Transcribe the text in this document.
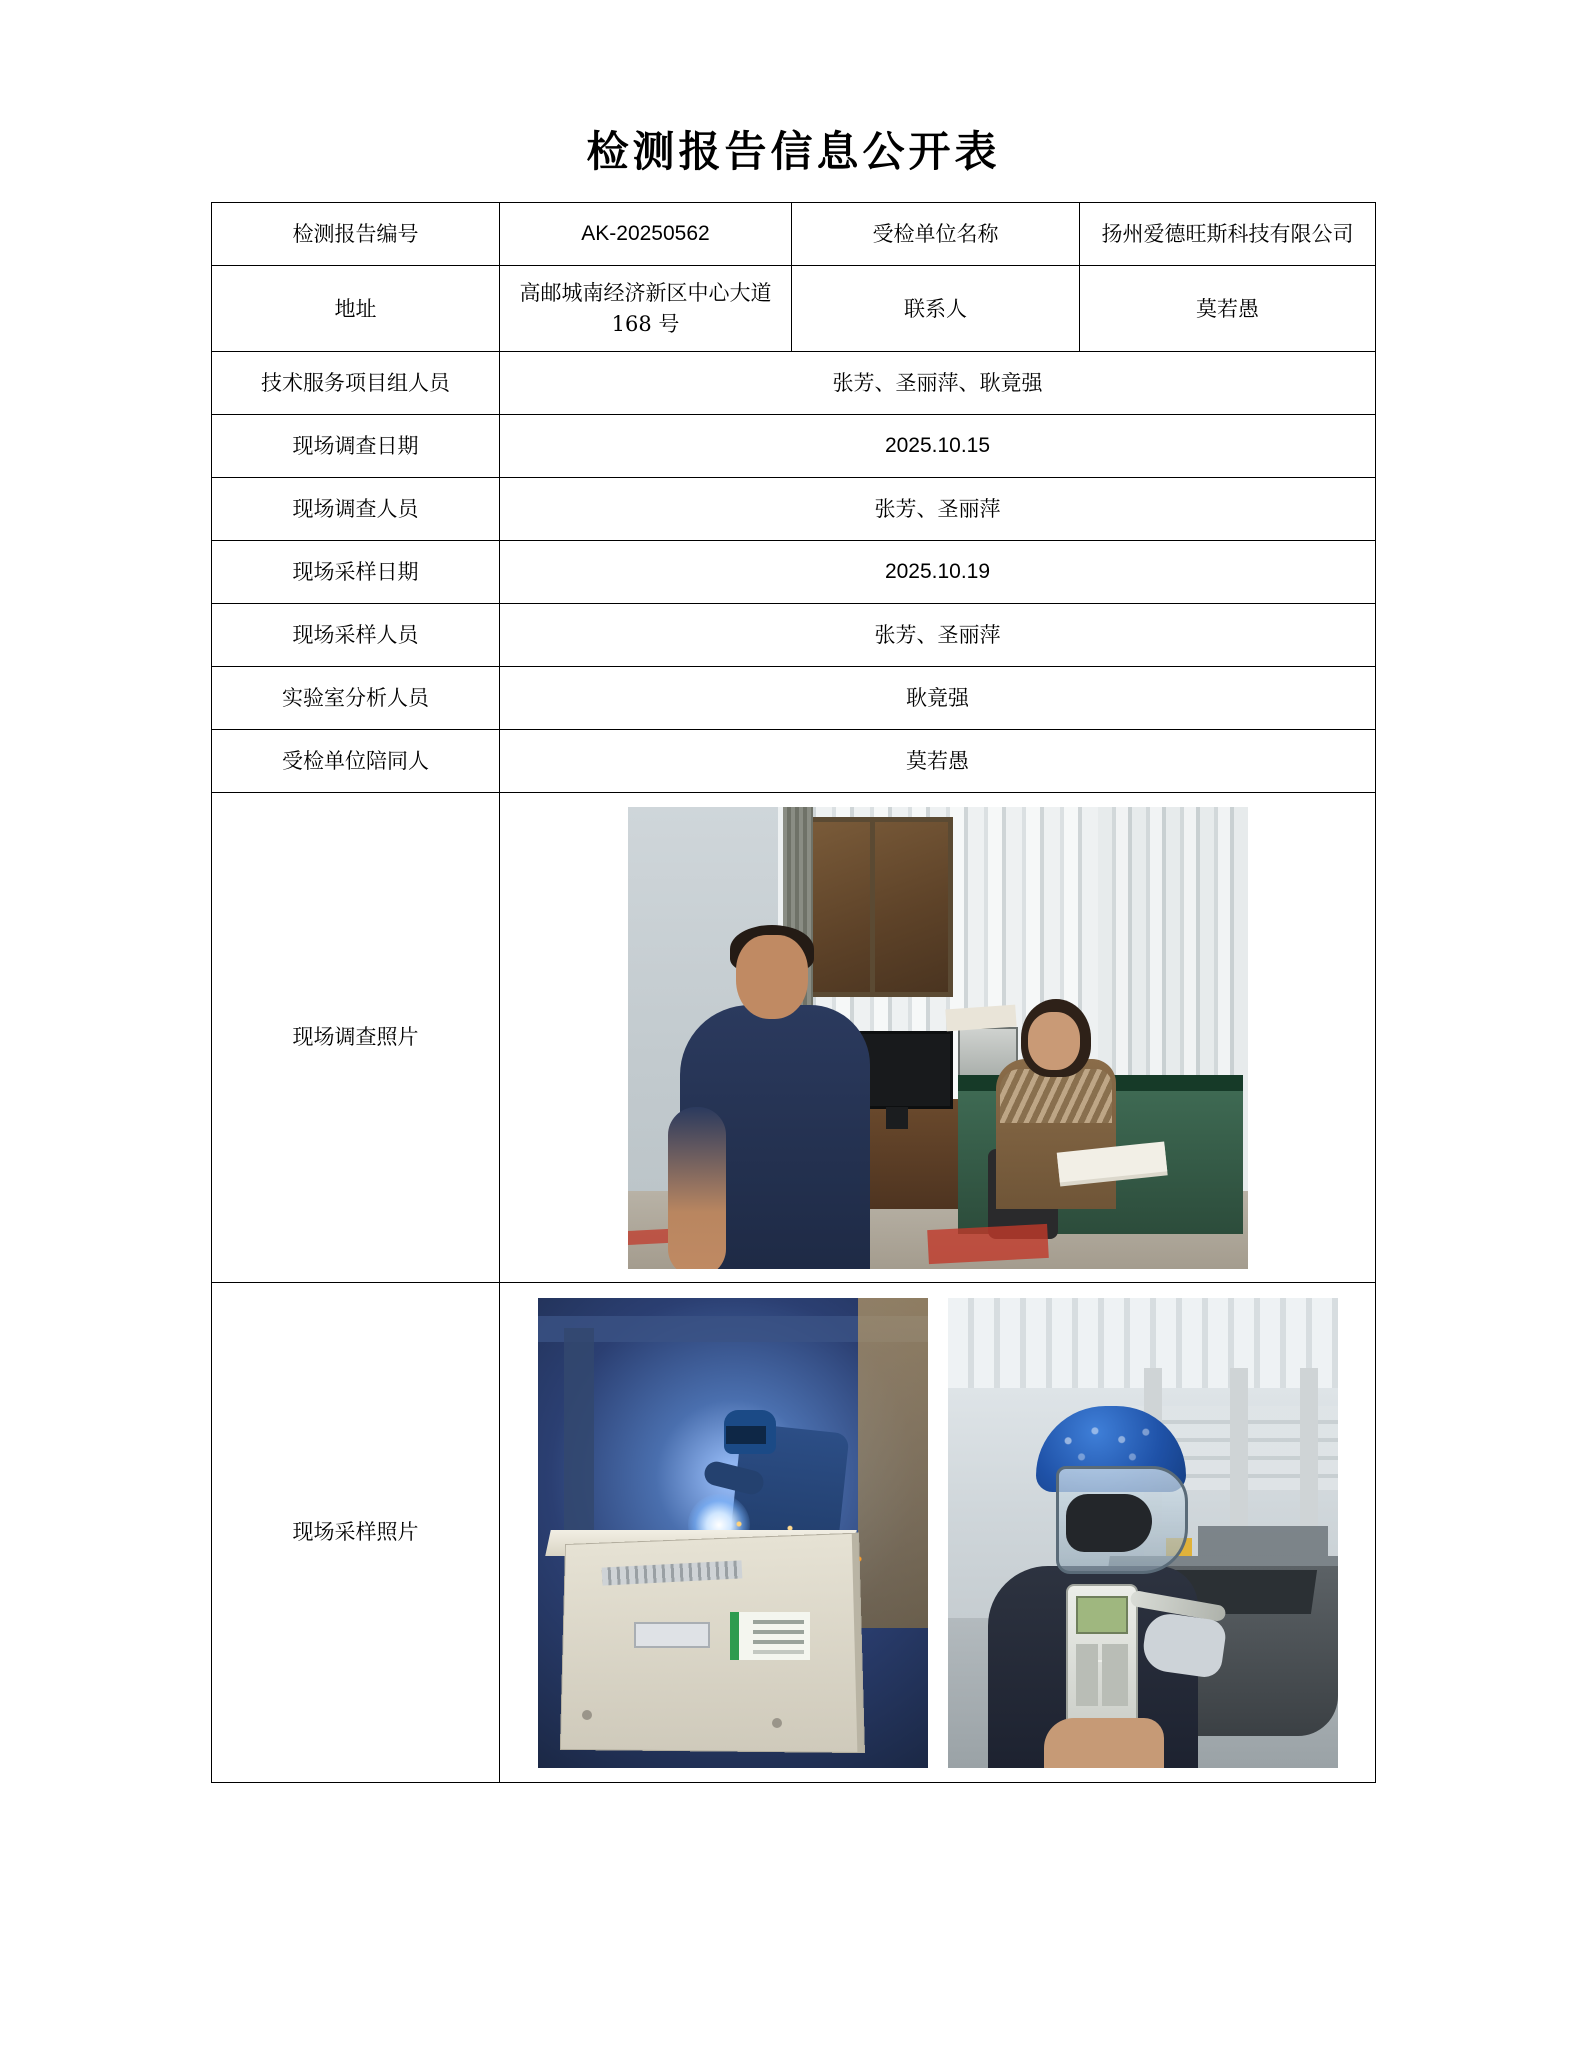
检测报告信息公开表
检测报告编号	AK-20250562	受检单位名称	扬州爱德旺斯科技有限公司
地址	高邮城南经济新区中心大道 168 号	联系人	莫若愚
技术服务项目组人员	张芳、圣丽萍、耿竟强		
现场调查日期	2025.10.15		
现场调查人员	张芳、圣丽萍		
现场采样日期	2025.10.19		
现场采样人员	张芳、圣丽萍		
实验室分析人员	耿竟强		
受检单位陪同人	莫若愚		
现场调查照片			

现场采样照片			
